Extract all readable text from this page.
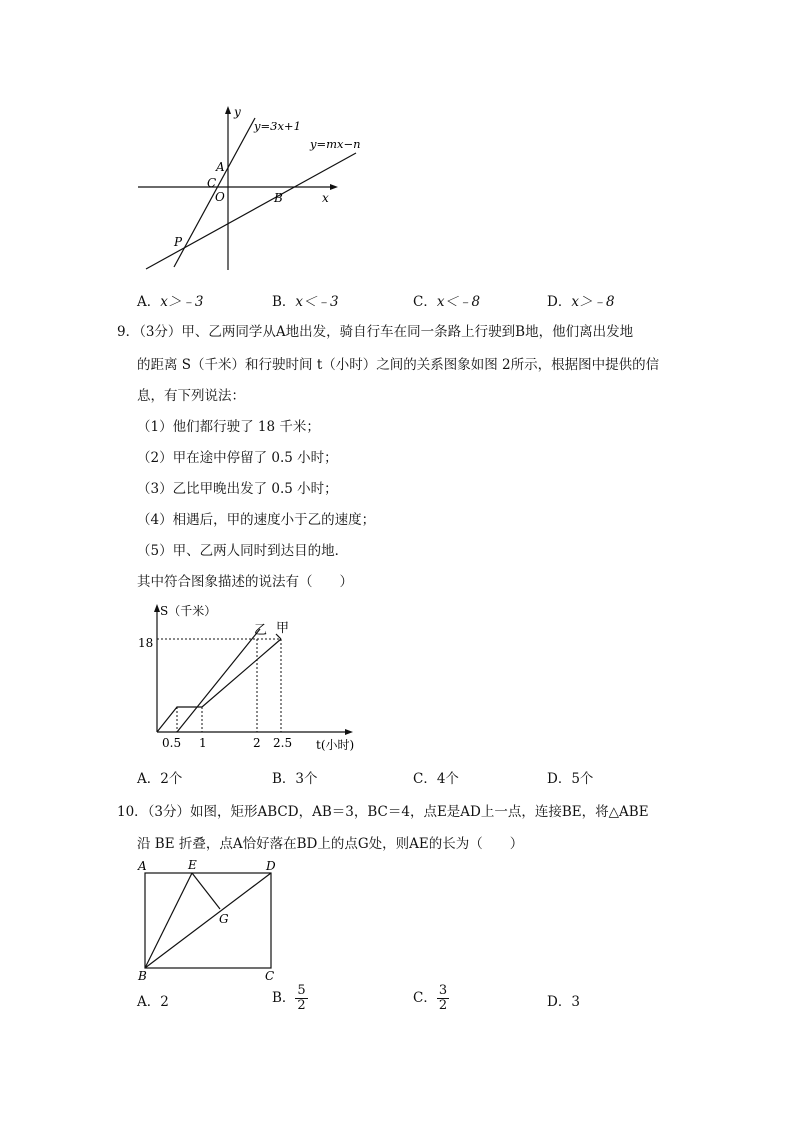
y
x
y=3x+1
y=mx−n
A
C
O	B
P
A．x＞﹣3	B．x＜﹣3	C．x＜﹣8	D．x＞﹣8
9．（3分）甲、乙两同学从A地出发，骑自行车在同一条路上行驶到B地，他们离出发地
的距离 S（千米）和行驶时间 t（小时）之间的关系图象如图 2所示，根据图中提供的信
息，有下列说法：
（1）他们都行驶了 18 千米；
（2）甲在途中停留了 0.5 小时；
（3）乙比甲晚出发了 0.5 小时；
（4）相遇后，甲的速度小于乙的速度；
（5）甲、乙两人同时到达目的地．
其中符合图象描述的说法有（　　）
S（千米）
18
0.5 1	2 2.5 t(小时)
乙 甲
A．2个	B．3个	C．4个	D．5个
10．（3分）如图，矩形ABCD，AB＝3，BC＝4，点E是AD上一点，连接BE，将△ABE
沿 BE 折叠，点A恰好落在BD上的点G处，则AE的长为（　　）
A	E	D
G
B	C
A．2	B． $\frac{5}{2}$	C． $\frac{3}{2}$	D．3
